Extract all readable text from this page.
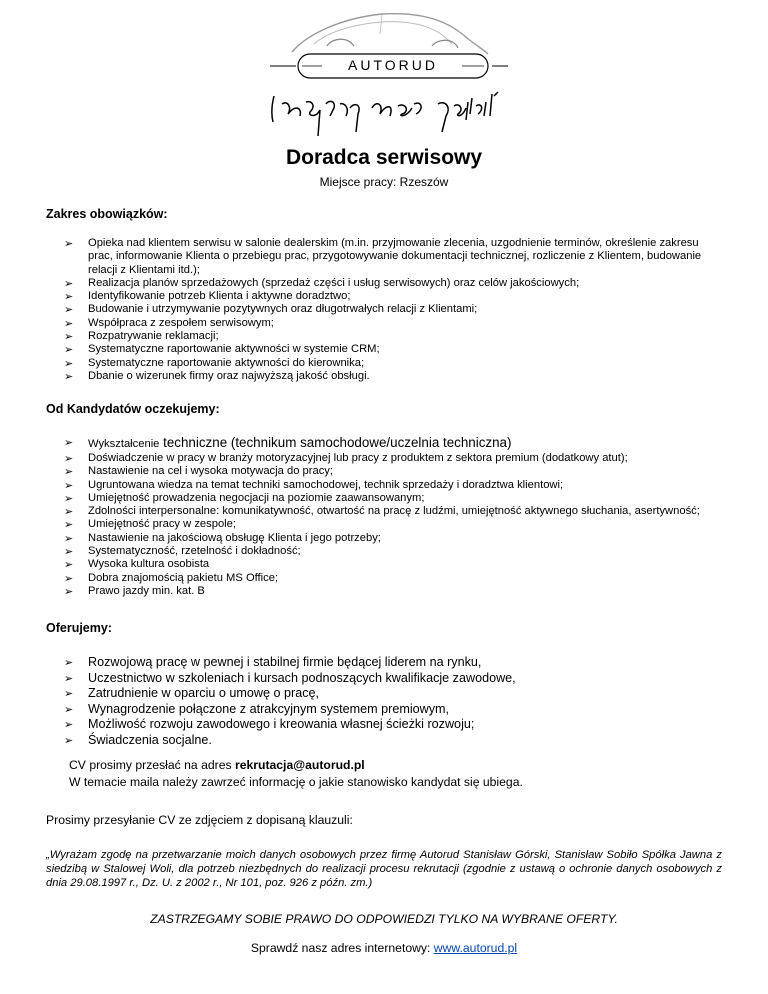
AUTORUD
Doradca serwisowy
Miejsce pracy: Rzeszów
Zakres obowiązków:
➢ Opieka nad klientem serwisu w salonie dealerskim (m.in. przyjmowanie zlecenia, uzgodnienie terminów, określenie zakresu prac, informowanie Klienta o przebiegu prac, przygotowywanie dokumentacji technicznej, rozliczenie z Klientem, budowanie relacji z Klientami itd.);
➢ Realizacja planów sprzedażowych (sprzedaż części i usług serwisowych) oraz celów jakościowych;
➢ Identyfikowanie potrzeb Klienta i aktywne doradztwo;
➢ Budowanie i utrzymywanie pozytywnych oraz długotrwałych relacji z Klientami;
➢ Współpraca z zespołem serwisowym;
➢ Rozpatrywanie reklamacji;
➢ Systematyczne raportowanie aktywności w systemie CRM;
➢ Systematyczne raportowanie aktywności do kierownika;
➢ Dbanie o wizerunek firmy oraz najwyższą jakość obsługi.
Od Kandydatów oczekujemy:
➢ Wykształcenie techniczne (technikum samochodowe/uczelnia techniczna)
➢ Doświadczenie w pracy w branży motoryzacyjnej lub pracy z produktem z sektora premium (dodatkowy atut);
➢ Nastawienie na cel i wysoka motywacja do pracy;
➢ Ugruntowana wiedza na temat techniki samochodowej, technik sprzedaży i doradztwa klientowi;
➢ Umiejętność prowadzenia negocjacji na poziomie zaawansowanym;
➢ Zdolności interpersonalne: komunikatywność, otwartość na pracę z ludźmi, umiejętność aktywnego słuchania, asertywność;
➢ Umiejętność pracy w zespole;
➢ Nastawienie na jakościową obsługę Klienta i jego potrzeby;
➢ Systematyczność, rzetelność i dokładność;
➢ Wysoka kultura osobista
➢ Dobra znajomością pakietu MS Office;
➢ Prawo jazdy min. kat. B
Oferujemy:
➢ Rozwojową pracę w pewnej i stabilnej firmie będącej liderem na rynku,
➢ Uczestnictwo w szkoleniach i kursach podnoszących kwalifikacje zawodowe,
➢ Zatrudnienie w oparciu o umowę o pracę,
➢ Wynagrodzenie połączone z atrakcyjnym systemem premiowym,
➢ Możliwość rozwoju zawodowego i kreowania własnej ścieżki rozwoju;
➢ Świadczenia socjalne.
CV prosimy przesłać na adres rekrutacja@autorud.pl
W temacie maila należy zawrzeć informację o jakie stanowisko kandydat się ubiega.
Prosimy przesyłanie CV ze zdjęciem z dopisaną klauzuli:
„Wyrażam zgodę na przetwarzanie moich danych osobowych przez firmę Autorud Stanisław Górski, Stanisław Sobiło Spółka Jawna z siedzibą w Stalowej Woli, dla potrzeb niezbędnych do realizacji procesu rekrutacji (zgodnie z ustawą o ochronie danych osobowych z dnia 29.08.1997 r., Dz. U. z 2002 r., Nr 101, poz. 926 z późn. zm.)
ZASTRZEGAMY SOBIE PRAWO DO ODPOWIEDZI TYLKO NA WYBRANE OFERTY.
Sprawdź nasz adres internetowy: www.autorud.pl
